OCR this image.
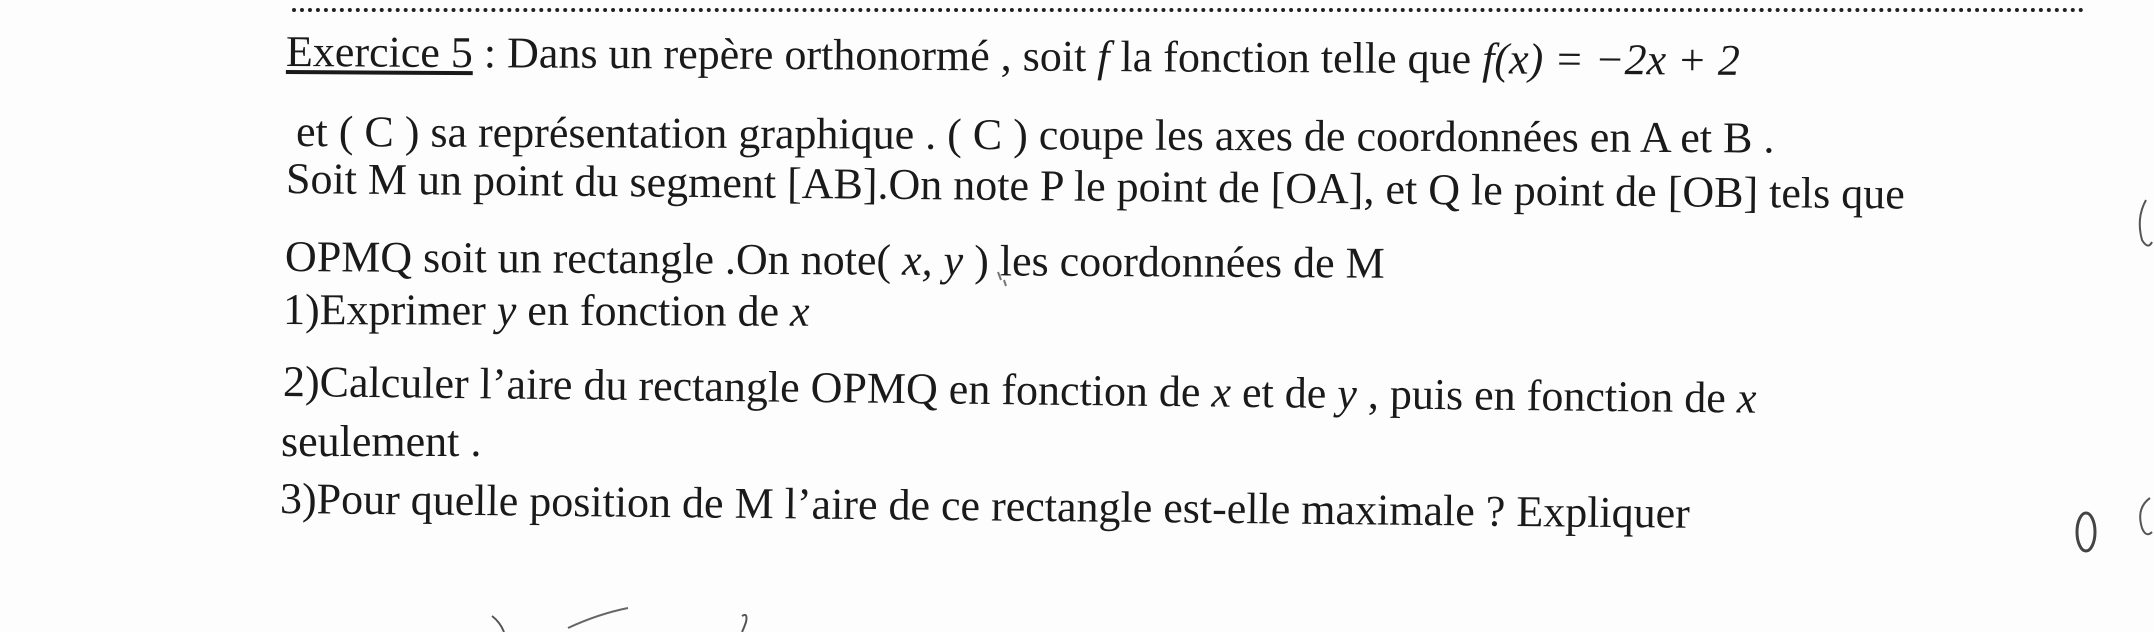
Exercice 5 : Dans un repère orthonormé , soit f la fonction telle que f(x) = −2x + 2
et ( C ) sa représentation graphique . ( C ) coupe les axes de coordonnées en A et B .
Soit M un point du segment [AB].On note P le point de [OA], et Q le point de [OB] tels que
OPMQ soit un rectangle .On note( x, y ) les coordonnées de M
1)Exprimer y en fonction de x
2)Calculer l’aire du rectangle OPMQ en fonction de x et de y , puis en fonction de x
seulement .
3)Pour quelle position de M l’aire de ce rectangle est-elle maximale ? Expliquer
